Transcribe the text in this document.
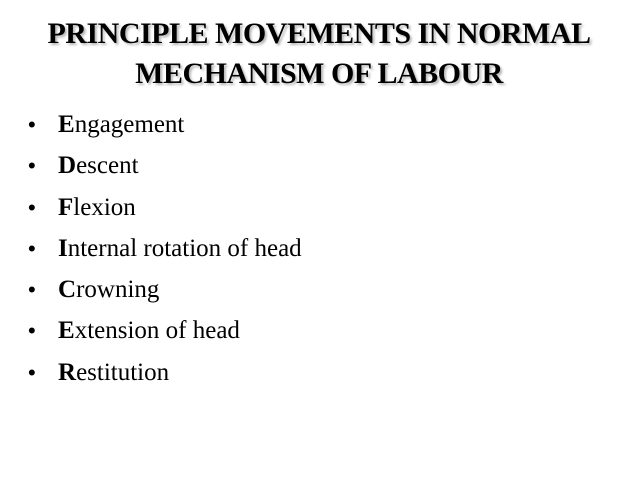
PRINCIPLE MOVEMENTS IN NORMAL
MECHANISM OF LABOUR
• E ngagement
• D escent
• F lexion
• I nternal rotation of head
• C rowning
• E xtension of head
• R estitution
